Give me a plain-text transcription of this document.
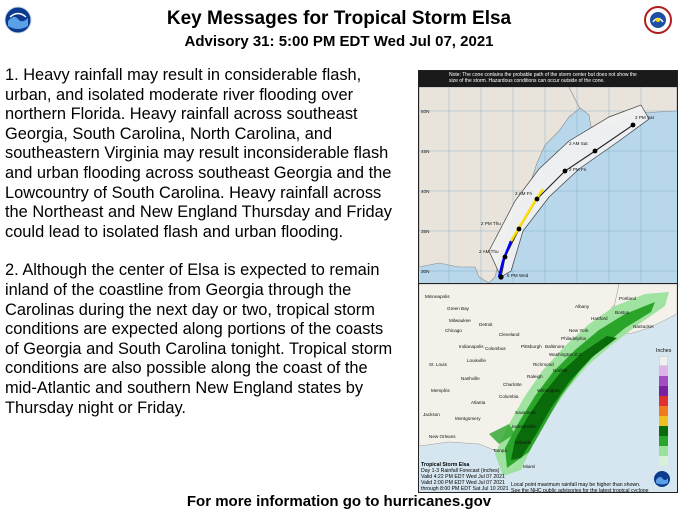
Key Messages for Tropical Storm Elsa
Advisory 31: 5:00 PM EDT Wed Jul 07, 2021

1. Heavy rainfall may result in considerable flash, urban, and isolated moderate river flooding over northern Florida. Heavy rainfall across southeast Georgia, South Carolina, North Carolina, and southeastern Virginia may result inconsiderable flash and urban flooding across southeast Georgia and the Lowcountry of South Carolina. Heavy rainfall across the Northeast and New England Thursday and Friday could lead to isolated flash and urban flooding.

2. Although the center of Elsa is expected to remain inland of the coastline from Georgia through the Carolinas during the next day or two, tropical storm conditions are expected along portions of the coasts of Georgia and South Carolina tonight. Tropical storm conditions are also possible along the coast of the mid-Atlantic and southern New England states by Thursday night or Friday.

Note: The cone contains the probable path of the storm center but does not show the size of the storm. Hazardous conditions can occur outside of the cone.
2 PM Sat
2 AM Sat
2 PM Fri
2 AM Fri
2 PM Thu
2 AM Thu
5 PM Wed
50N
45N
40N
35N
30N

Minneapolis
Green Bay
Milwaukee
Chicago
Detroit
Cleveland
Pittsburgh
Columbus
St. Louis
Memphis
Jackson
New Orleans
Montgomery
Atlanta
Columbia
Charlotte
Raleigh
Richmond
Washington D.C.
Baltimore
Philadelphia
New York
Hartford
Boston
Albany
Portland
Nantucket
Jacksonville
Tampa
Orlando
Miami
Savannah
Wilmington
Norfolk
Nashville
Louisville
Indianapolis
Inches
Tropical Storm Elsa
Day 1-3 Rainfall Forecast (inches)
Valid 4:22 PM EDT Wed Jul 07 2021
Valid 2:00 PM EDT Wed Jul 07 2021
through 8:00 PM EDT Sat Jul 10 2021
Local point maximum rainfall may be higher than shown.
See the NHC public advisories for the latest tropical cyclone
For more information go to hurricanes.gov
